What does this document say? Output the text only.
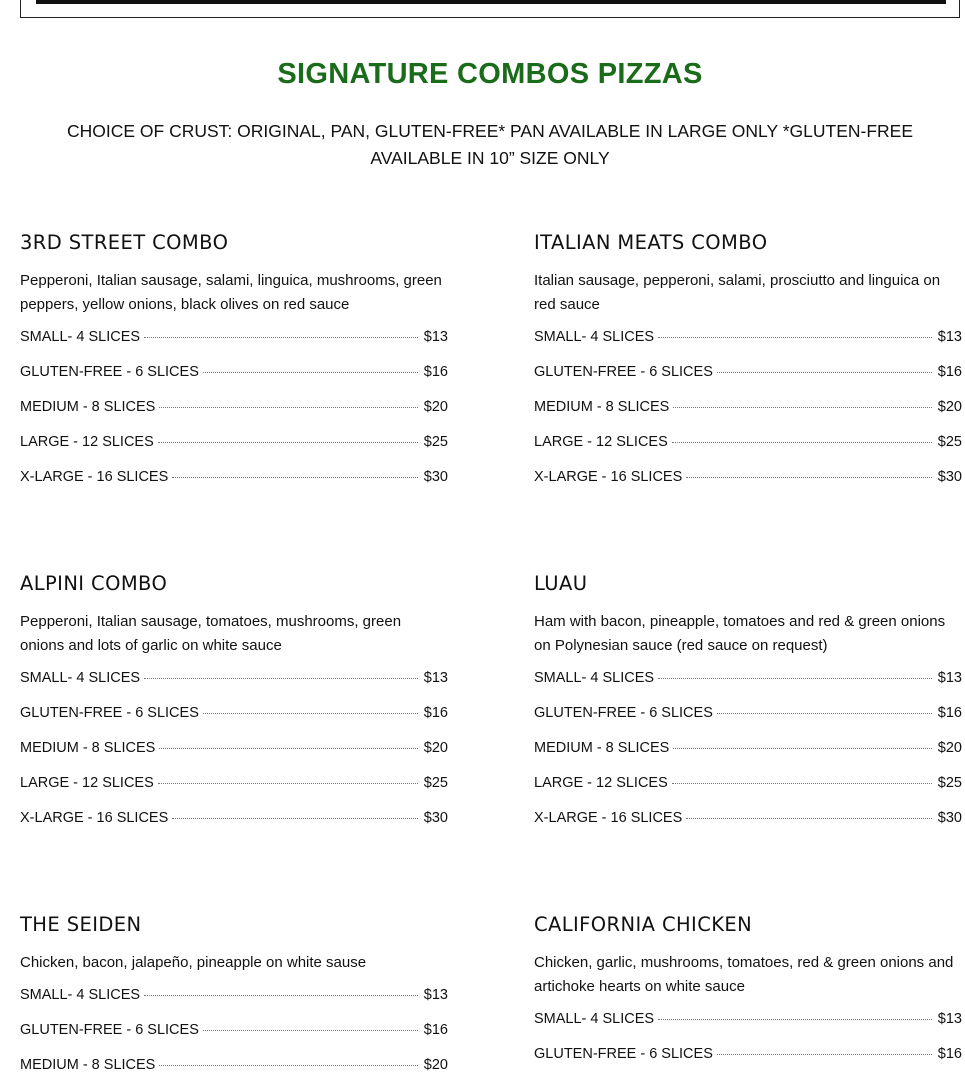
SIGNATURE COMBOS PIZZAS
CHOICE OF CRUST: ORIGINAL, PAN, GLUTEN-FREE* PAN AVAILABLE IN LARGE ONLY *GLUTEN-FREE AVAILABLE IN 10” SIZE ONLY
3RD STREET COMBO
Pepperoni, Italian sausage, salami, linguica, mushrooms, green peppers, yellow onions, black olives on red sauce
SMALL- 4 SLICES	$13
GLUTEN-FREE - 6 SLICES	$16
MEDIUM - 8 SLICES	$20
LARGE - 12 SLICES	$25
X-LARGE - 16 SLICES	$30
ITALIAN MEATS COMBO
Italian sausage, pepperoni, salami, prosciutto and linguica on red sauce
SMALL- 4 SLICES	$13
GLUTEN-FREE - 6 SLICES	$16
MEDIUM - 8 SLICES	$20
LARGE - 12 SLICES	$25
X-LARGE - 16 SLICES	$30
ALPINI COMBO
Pepperoni, Italian sausage, tomatoes, mushrooms, green onions and lots of garlic on white sauce
SMALL- 4 SLICES	$13
GLUTEN-FREE - 6 SLICES	$16
MEDIUM - 8 SLICES	$20
LARGE - 12 SLICES	$25
X-LARGE - 16 SLICES	$30
LUAU
Ham with bacon, pineapple, tomatoes and red & green onions on Polynesian sauce (red sauce on request)
SMALL- 4 SLICES	$13
GLUTEN-FREE - 6 SLICES	$16
MEDIUM - 8 SLICES	$20
LARGE - 12 SLICES	$25
X-LARGE - 16 SLICES	$30
THE SEIDEN
Chicken, bacon, jalapeño, pineapple on white sause
SMALL- 4 SLICES	$13
GLUTEN-FREE - 6 SLICES	$16
MEDIUM - 8 SLICES	$20
CALIFORNIA CHICKEN
Chicken, garlic, mushrooms, tomatoes, red & green onions and artichoke hearts on white sauce
SMALL- 4 SLICES	$13
GLUTEN-FREE - 6 SLICES	$16
